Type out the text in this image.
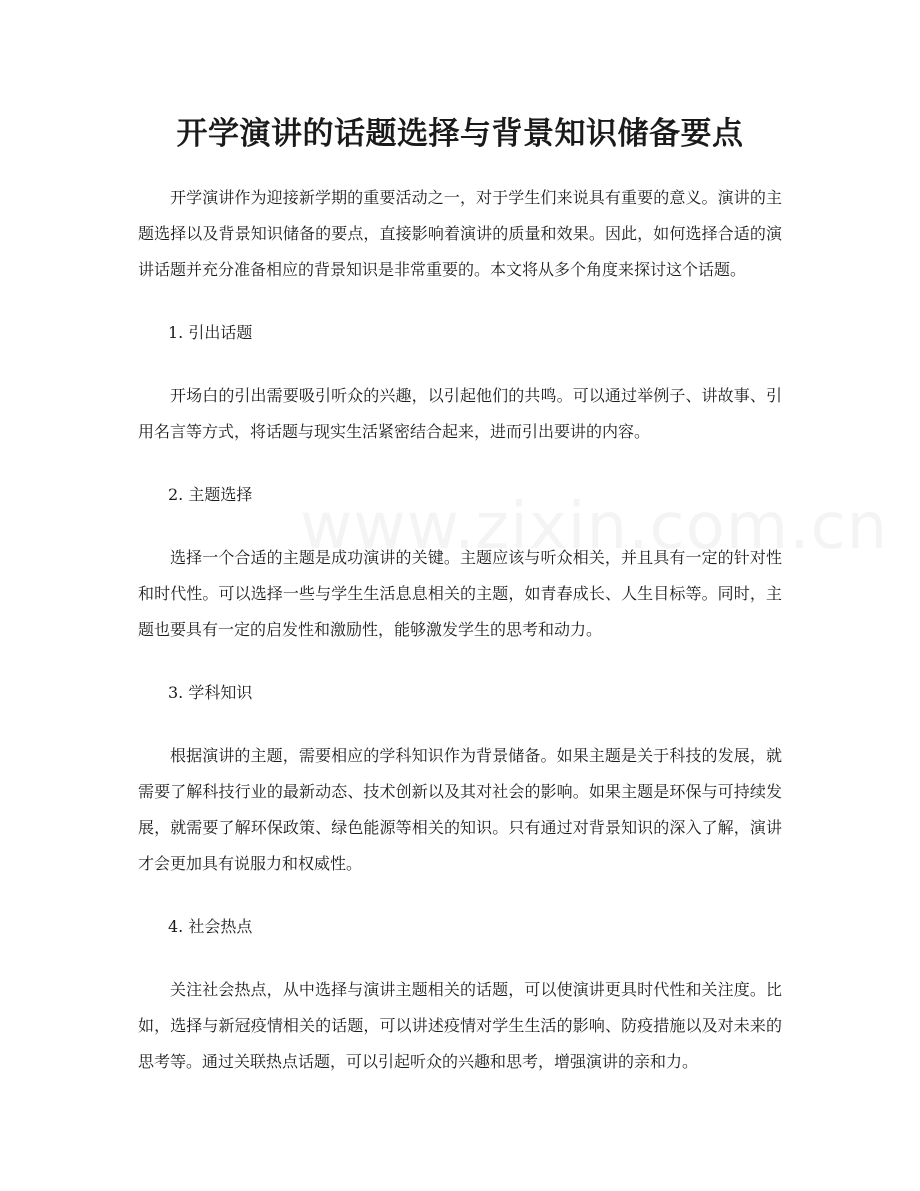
开学演讲的话题选择与背景知识储备要点

开学演讲作为迎接新学期的重要活动之一，对于学生们来说具有重要的意义。演讲的主题选择以及背景知识储备的要点，直接影响着演讲的质量和效果。因此，如何选择合适的演讲话题并充分准备相应的背景知识是非常重要的。本文将从多个角度来探讨这个话题。

1. 引出话题

开场白的引出需要吸引听众的兴趣，以引起他们的共鸣。可以通过举例子、讲故事、引用名言等方式，将话题与现实生活紧密结合起来，进而引出要讲的内容。

2. 主题选择

选择一个合适的主题是成功演讲的关键。主题应该与听众相关，并且具有一定的针对性和时代性。可以选择一些与学生生活息息相关的主题，如青春成长、人生目标等。同时，主题也要具有一定的启发性和激励性，能够激发学生的思考和动力。

3. 学科知识

根据演讲的主题，需要相应的学科知识作为背景储备。如果主题是关于科技的发展，就需要了解科技行业的最新动态、技术创新以及其对社会的影响。如果主题是环保与可持续发展，就需要了解环保政策、绿色能源等相关的知识。只有通过对背景知识的深入了解，演讲才会更加具有说服力和权威性。

4. 社会热点

关注社会热点，从中选择与演讲主题相关的话题，可以使演讲更具时代性和关注度。比如，选择与新冠疫情相关的话题，可以讲述疫情对学生生活的影响、防疫措施以及对未来的思考等。通过关联热点话题，可以引起听众的兴趣和思考，增强演讲的亲和力。
